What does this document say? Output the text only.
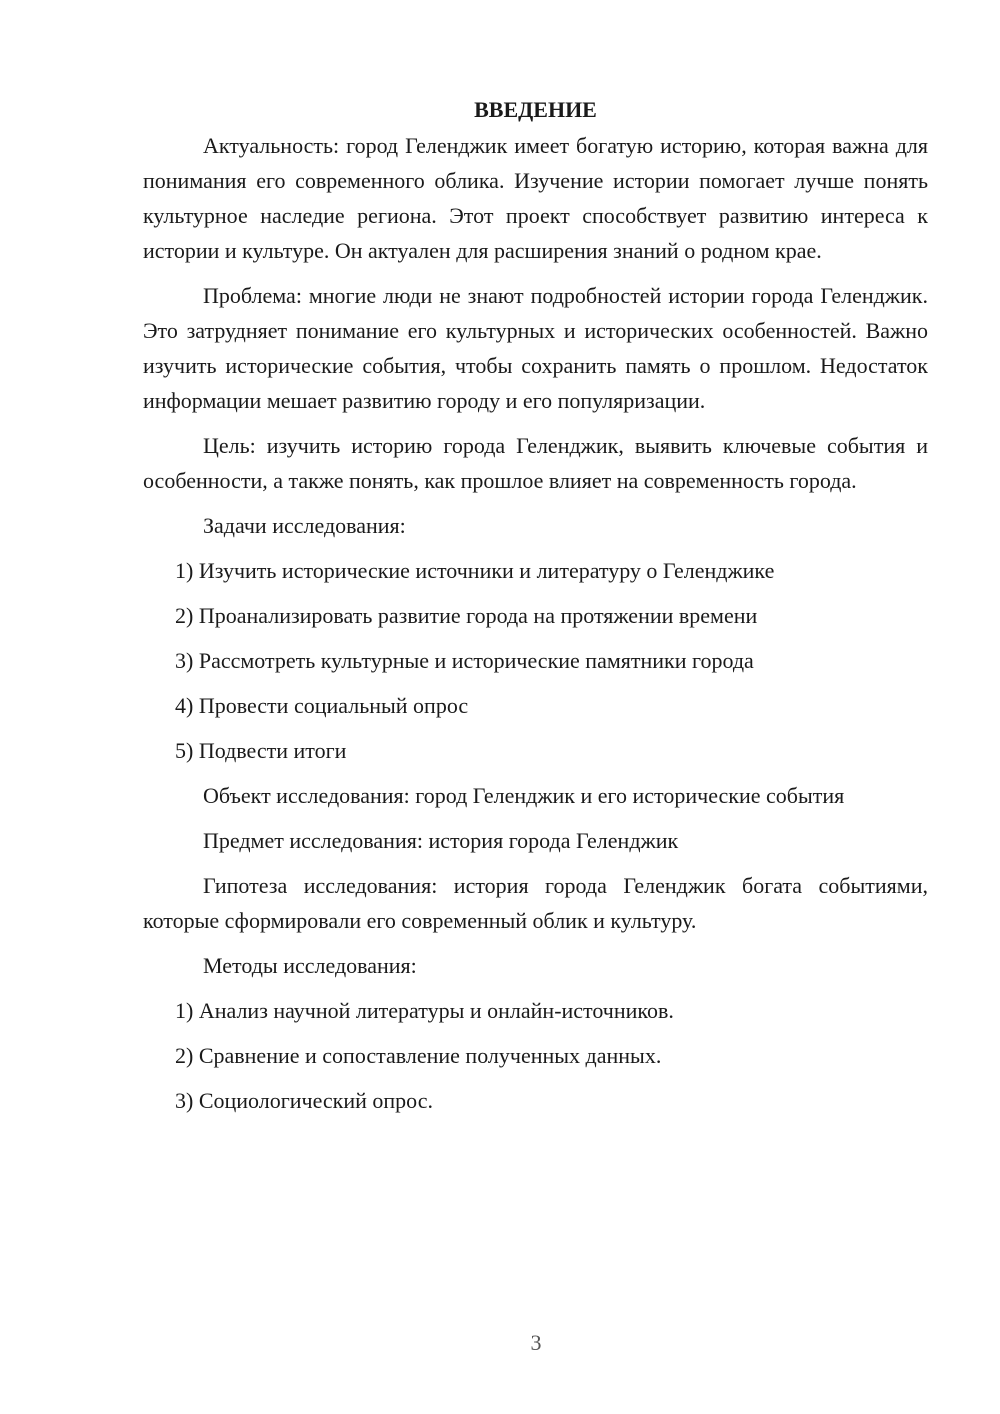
ВВЕДЕНИЕ

Актуальность: город Геленджик имеет богатую историю, которая важна для понимания его современного облика. Изучение истории помогает лучше понять культурное наследие региона. Этот проект способствует развитию интереса к истории и культуре. Он актуален для расширения знаний о родном крае.

Проблема: многие люди не знают подробностей истории города Геленджик. Это затрудняет понимание его культурных и исторических особенностей. Важно изучить исторические события, чтобы сохранить память о прошлом. Недостаток информации мешает развитию городу и его популяризации.

Цель: изучить историю города Геленджик, выявить ключевые события и особенности, а также понять, как прошлое влияет на современность города.

Задачи исследования:

1) Изучить исторические источники и литературу о Геленджике
2) Проанализировать развитие города на протяжении времени
3) Рассмотреть культурные и исторические памятники города
4) Провести социальный опрос
5) Подвести итоги

Объект исследования: город Геленджик и его исторические события

Предмет исследования: история города Геленджик

Гипотеза исследования: история города Геленджик богата событиями, которые сформировали его современный облик и культуру.

Методы исследования:

1) Анализ научной литературы и онлайн-источников.
2) Сравнение и сопоставление полученных данных.
3) Социологический опрос.
3
